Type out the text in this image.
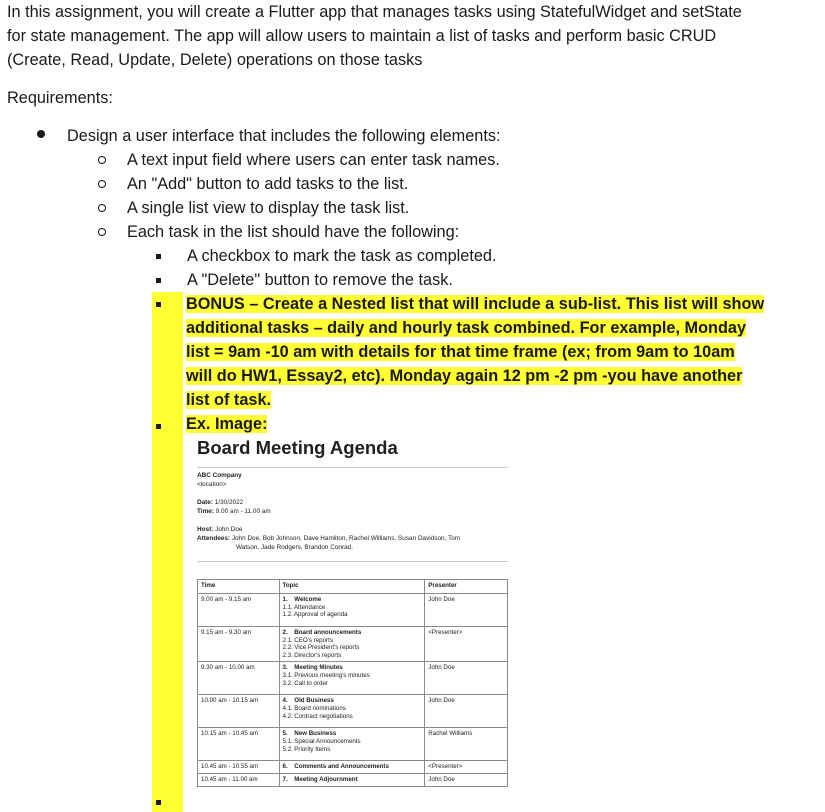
In this assignment, you will create a Flutter app that manages tasks using StatefulWidget and setState
for state management. The app will allow users to maintain a list of tasks and perform basic CRUD
(Create, Read, Update, Delete) operations on those tasks
Requirements:
Design a user interface that includes the following elements:
A text input field where users can enter task names.
An "Add" button to add tasks to the list.
A single list view to display the task list.
Each task in the list should have the following:
A checkbox to mark the task as completed.
A "Delete" button to remove the task.
BONUS – Create a Nested list that will include a sub-list. This list will show
additional tasks – daily and hourly task combined. For example, Monday
list = 9am -10 am with details for that time frame (ex; from 9am to 10am
will do HW1, Essay2, etc). Monday again 12 pm -2 pm -you have another
list of task.
Ex. Image:
Board Meeting Agenda
ABC Company
<location>
Date: 1/30/2022
Time: 9.00 am - 11.00 am
Host: John Doe
Attendees: John Doe, Bob Johnson, Dave Hamilton, Rachel Williams, Susan Davidson, Tom
Watson, Jade Rodgers, Brandon Conrad.
Time	Topic	Presenter
9.00 am - 9.15 am	1. Welcome
1.1. Attendance
1.2. Approval of agenda	John Doe
9.15 am - 9.30 am	2. Board announcements
2.1. CEO's reports
2.2. Vice President's reports
2.3. Director's reports	<Presenter>
9.30 am - 10.00 am	3. Meeting Minutes
3.1. Previous meeting's minutes
3.2. Call to order	John Doe
10.00 am - 10.15 am	4. Old Business
4.1. Board nominations
4.2. Contract negotiations	John Doe
10.15 am - 10.45 am	5. New Business
5.1. Special Announcements
5.2. Priority Items	Rachel Williams
10.45 am - 10.55 am	6. Comments and Announcements	<Presenter>
10.45 am - 11.00 am	7. Meeting Adjournment	John Doe
